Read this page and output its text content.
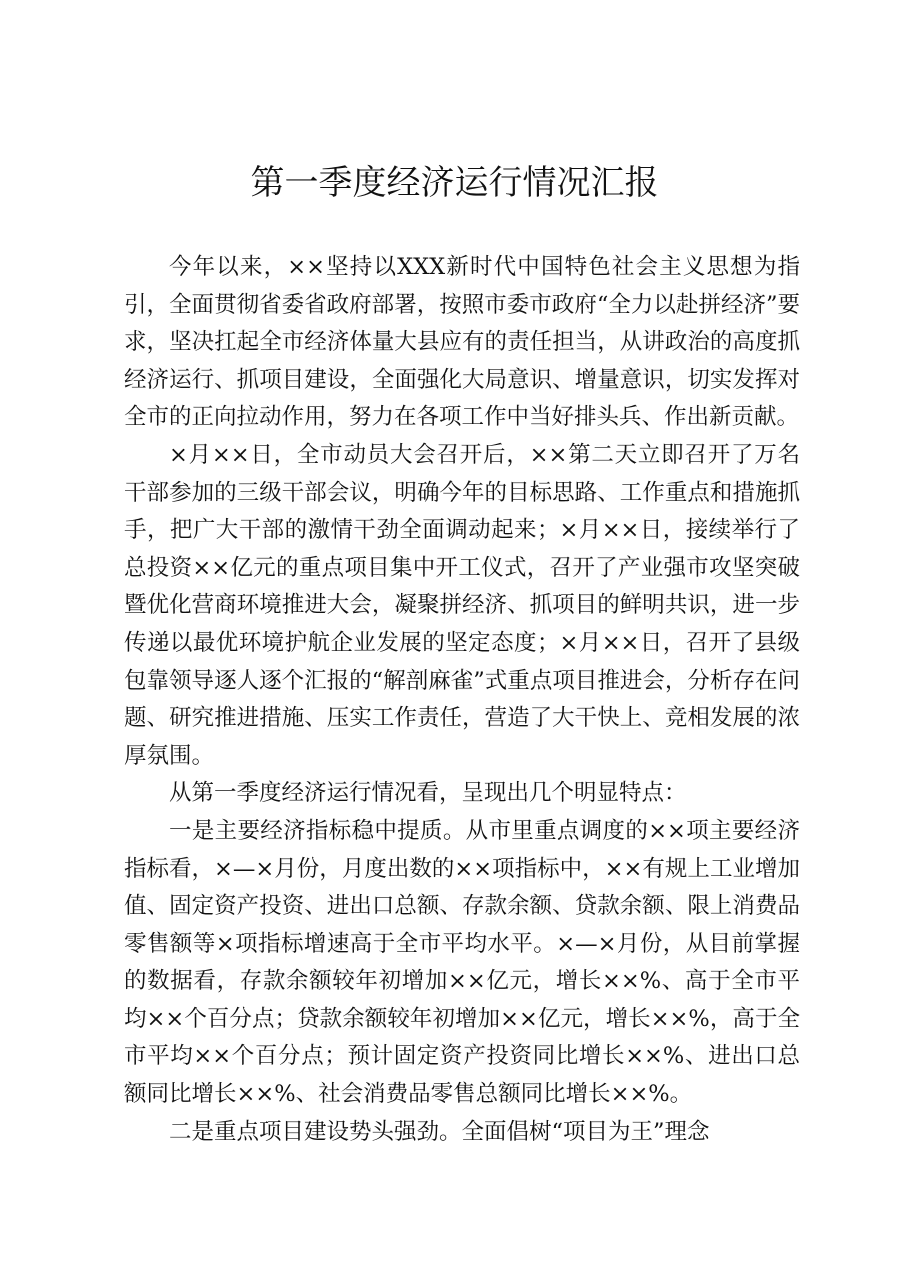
第一季度经济运行情况汇报

今年以来，××坚持以XXX新时代中国特色社会主义思想为指引，全面贯彻省委省政府部署，按照市委市政府“全力以赴拼经济”要求，坚决扛起全市经济体量大县应有的责任担当，从讲政治的高度抓经济运行、抓项目建设，全面强化大局意识、增量意识，切实发挥对全市的正向拉动作用，努力在各项工作中当好排头兵、作出新贡献。

×月××日，全市动员大会召开后，××第二天立即召开了万名干部参加的三级干部会议，明确今年的目标思路、工作重点和措施抓手，把广大干部的激情干劲全面调动起来；×月××日，接续举行了总投资××亿元的重点项目集中开工仪式，召开了产业强市攻坚突破暨优化营商环境推进大会，凝聚拼经济、抓项目的鲜明共识，进一步传递以最优环境护航企业发展的坚定态度；×月××日，召开了县级包靠领导逐人逐个汇报的“解剖麻雀”式重点项目推进会，分析存在问题、研究推进措施、压实工作责任，营造了大干快上、竞相发展的浓厚氛围。

从第一季度经济运行情况看，呈现出几个明显特点：

一是主要经济指标稳中提质。从市里重点调度的××项主要经济指标看，×—×月份，月度出数的××项指标中，××有规上工业增加值、固定资产投资、进出口总额、存款余额、贷款余额、限上消费品零售额等×项指标增速高于全市平均水平。×—×月份，从目前掌握的数据看，存款余额较年初增加××亿元，增长××%、高于全市平均××个百分点；贷款余额较年初增加××亿元，增长××%，高于全市平均××个百分点；预计固定资产投资同比增长××%、进出口总额同比增长××%、社会消费品零售总额同比增长××%。

二是重点项目建设势头强劲。全面倡树“项目为王”理念
